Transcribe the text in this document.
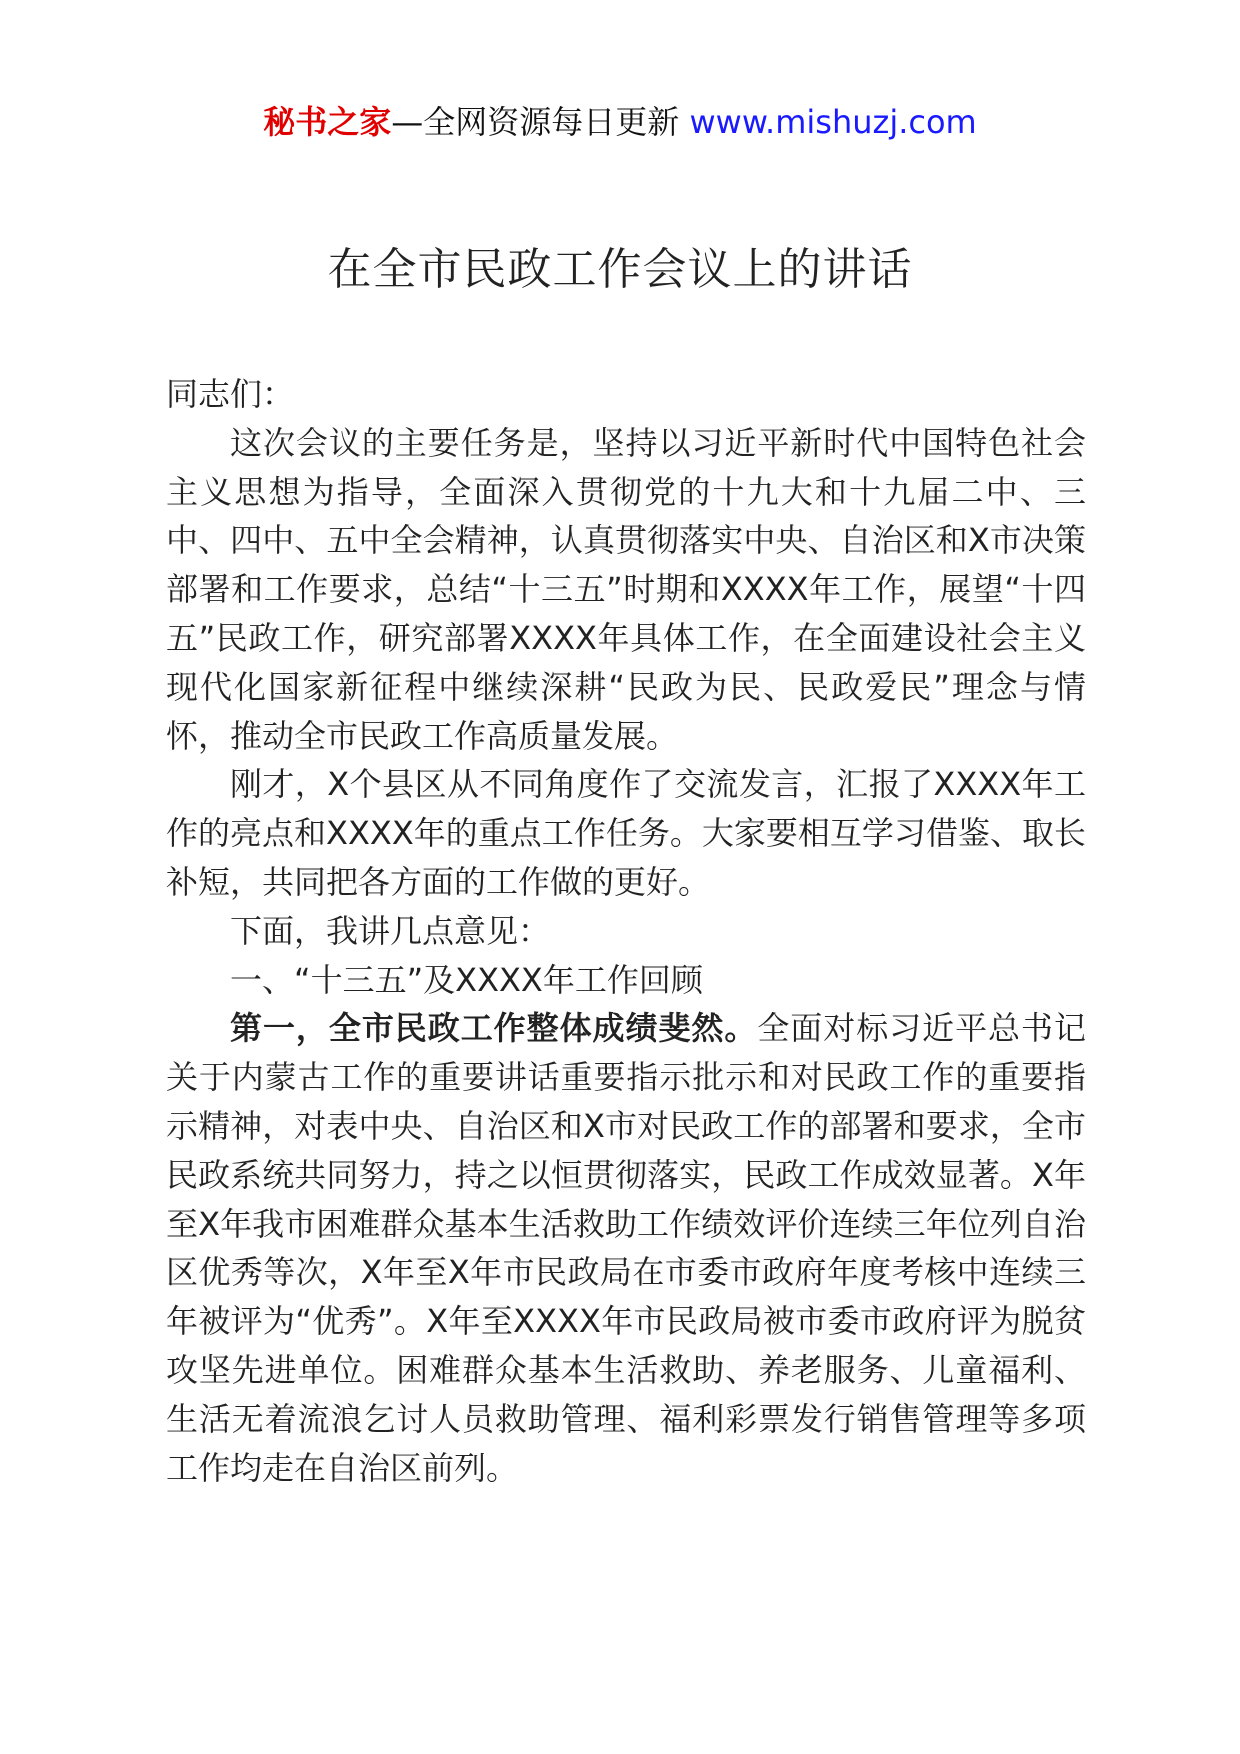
秘书之家—全网资源每日更新 www.mishuzj.com
在全市民政工作会议上的讲话

同志们：

这次会议的主要任务是，坚持以习近平新时代中国特色社会主义思想为指导，全面深入贯彻党的十九大和十九届二中、三中、四中、五中全会精神，认真贯彻落实中央、自治区和X市决策部署和工作要求，总结“十三五”时期和XXXX年工作，展望“十四五”民政工作，研究部署XXXX年具体工作，在全面建设社会主义现代化国家新征程中继续深耕“民政为民、民政爱民”理念与情怀，推动全市民政工作高质量发展。

刚才，X个县区从不同角度作了交流发言，汇报了XXXX年工作的亮点和XXXX年的重点工作任务。大家要相互学习借鉴、取长补短，共同把各方面的工作做的更好。

下面，我讲几点意见：

一、“十三五”及XXXX年工作回顾

第一，全市民政工作整体成绩斐然。全面对标习近平总书记关于内蒙古工作的重要讲话重要指示批示和对民政工作的重要指示精神，对表中央、自治区和X市对民政工作的部署和要求，全市民政系统共同努力，持之以恒贯彻落实，民政工作成效显著。X年至X年我市困难群众基本生活救助工作绩效评价连续三年位列自治区优秀等次，X年至X年市民政局在市委市政府年度考核中连续三年被评为“优秀”。X年至XXXX年市民政局被市委市政府评为脱贫攻坚先进单位。困难群众基本生活救助、养老服务、儿童福利、生活无着流浪乞讨人员救助管理、福利彩票发行销售管理等多项工作均走在自治区前列。
